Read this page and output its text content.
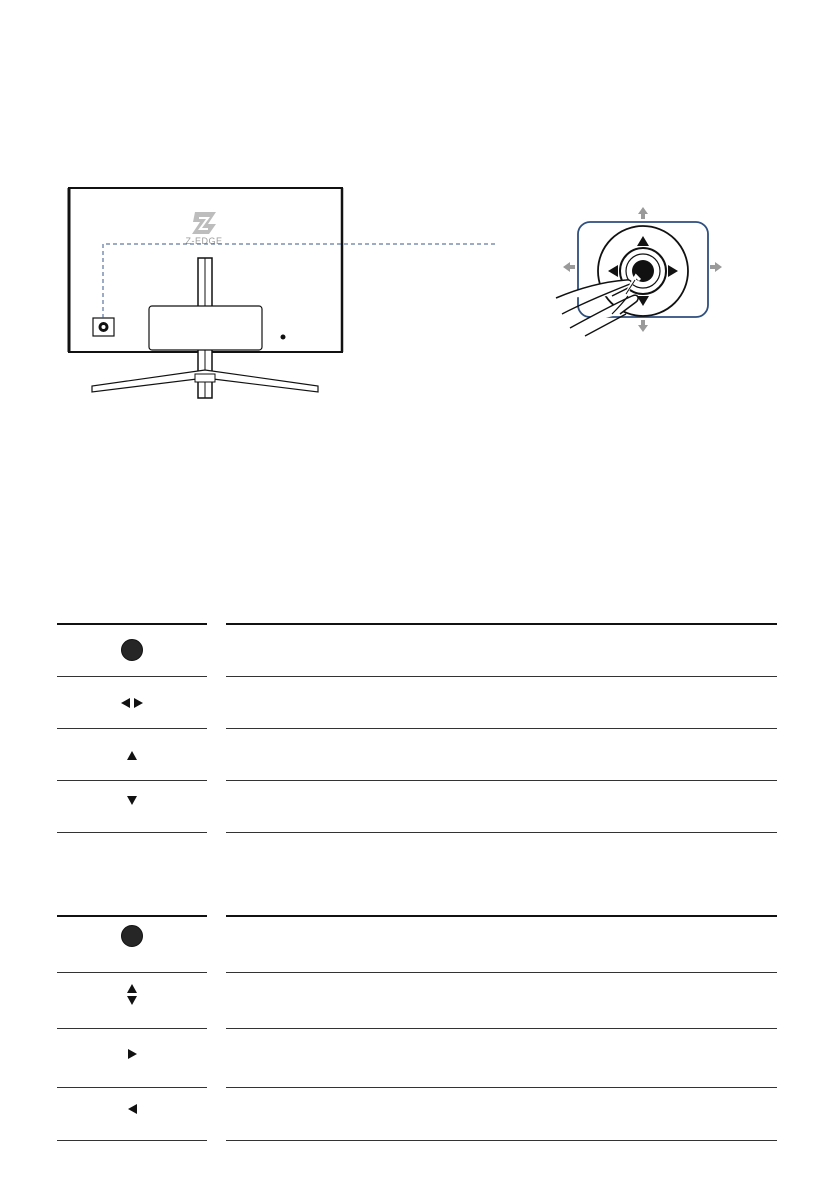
Z-EDGE
